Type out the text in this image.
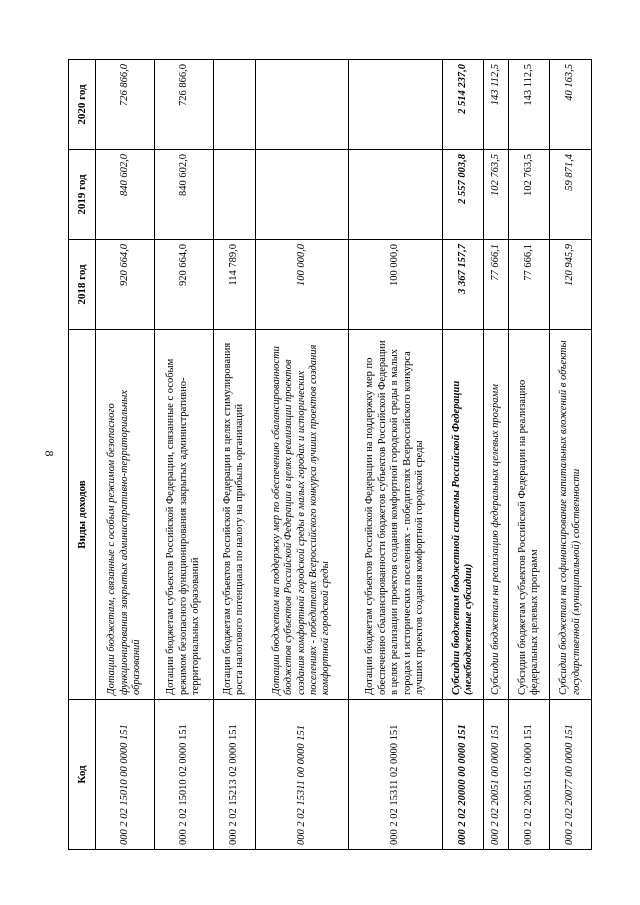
8
Код	Виды доходов	2018 год	2019 год	2020 год
000 2 02 15010 00 0000 151	Дотации бюджетам, связанные с особым режимом безопасного функционирования закрытых административно-территориальных образований	920 664,0	840 602,0	726 866,0
000 2 02 15010 02 0000 151	Дотации бюджетам субъектов Российской Федерации, связанные с особым режимом безопасного функционирования закрытых административно-территориальных образований	920 664,0	840 602,0	726 866,0
000 2 02 15213 02 0000 151	Дотации бюджетам субъектов Российской Федерации в целях стимулирования роста налогового потенциала по налогу на прибыль организаций	114 789,0		
000 2 02 15311 00 0000 151	Дотации бюджетам на поддержку мер по обеспечению сбалансированности бюджетов субъектов Российской Федерации в целях реализации проектов создания комфортной городской среды в малых городах и исторических поселениях - победителях Всероссийского конкурса лучших проектов создания комфортной городской среды	100 000,0		
000 2 02 15311 02 0000 151	Дотации бюджетам субъектов Российской Федерации на поддержку мер по обеспечению сбалансированности бюджетов субъектов Российской Федерации в целях реализации проектов создания комфортной городской среды в малых городах и исторических поселениях - победителях Всероссийского конкурса лучших проектов создания комфортной городской среды	100 000,0		
000 2 02 20000 00 0000 151	Субсидии бюджетам бюджетной системы Российской Федерации (межбюджетные субсидии)	3 367 157,7	2 557 003,8	2 514 237,0
000 2 02 20051 00 0000 151	Субсидии бюджетам на реализацию федеральных целевых программ	77 666,1	102 763,5	143 112,5
000 2 02 20051 02 0000 151	Субсидии бюджетам субъектов Российской Федерации на реализацию федеральных целевых программ	77 666,1	102 763,5	143 112,5
000 2 02 20077 00 0000 151	Субсидии бюджетам на софинансирование капитальных вложений в объекты государственной (муниципальной) собственности	120 945,9	59 871,4	40 163,5
